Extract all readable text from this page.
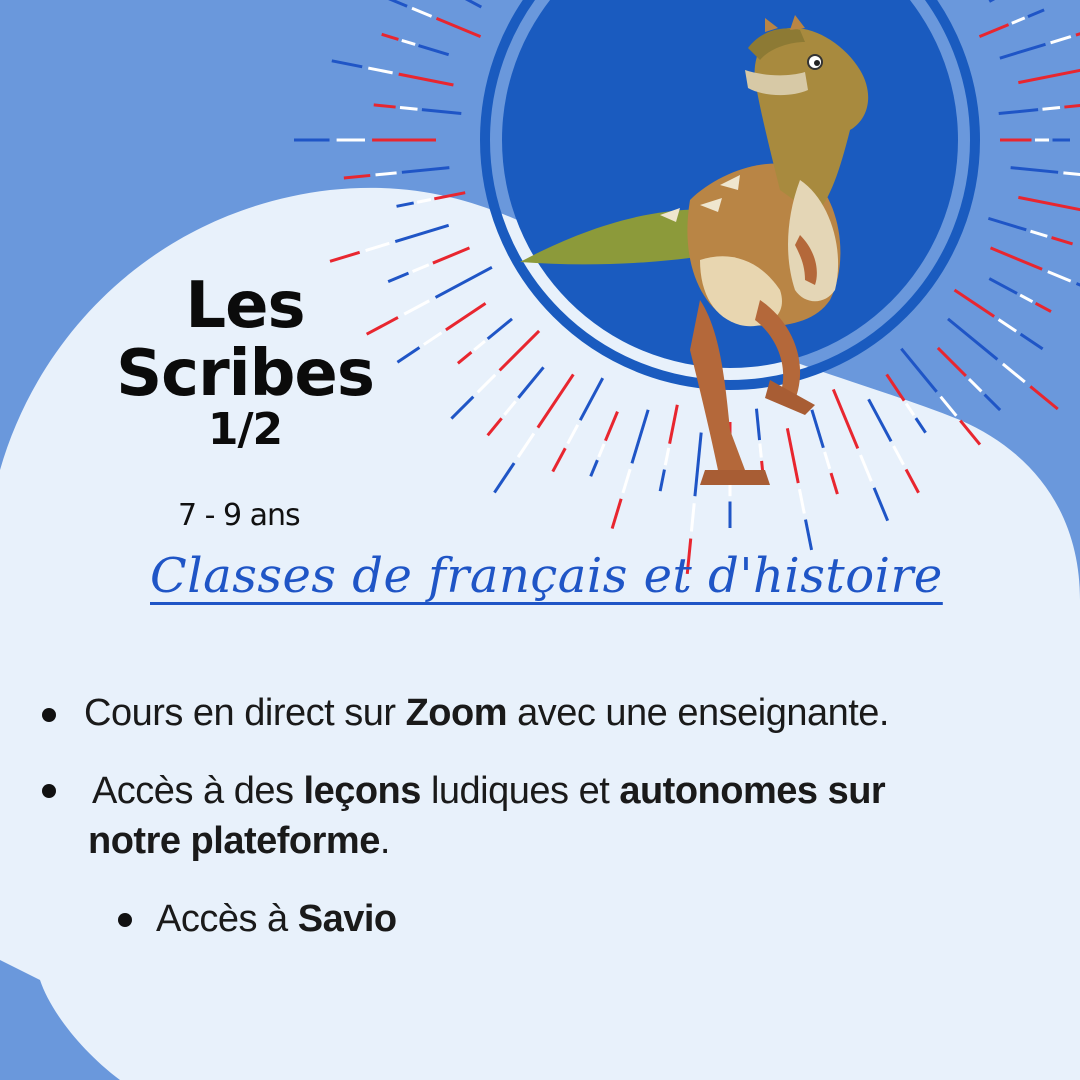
Les
Scribes
1/2
7 - 9 ans
Classes de français et d'histoire
Cours en direct sur Zoom avec une enseignante.
Accès à des leçons ludiques et autonomes sur
notre plateforme.
Accès à Savio
